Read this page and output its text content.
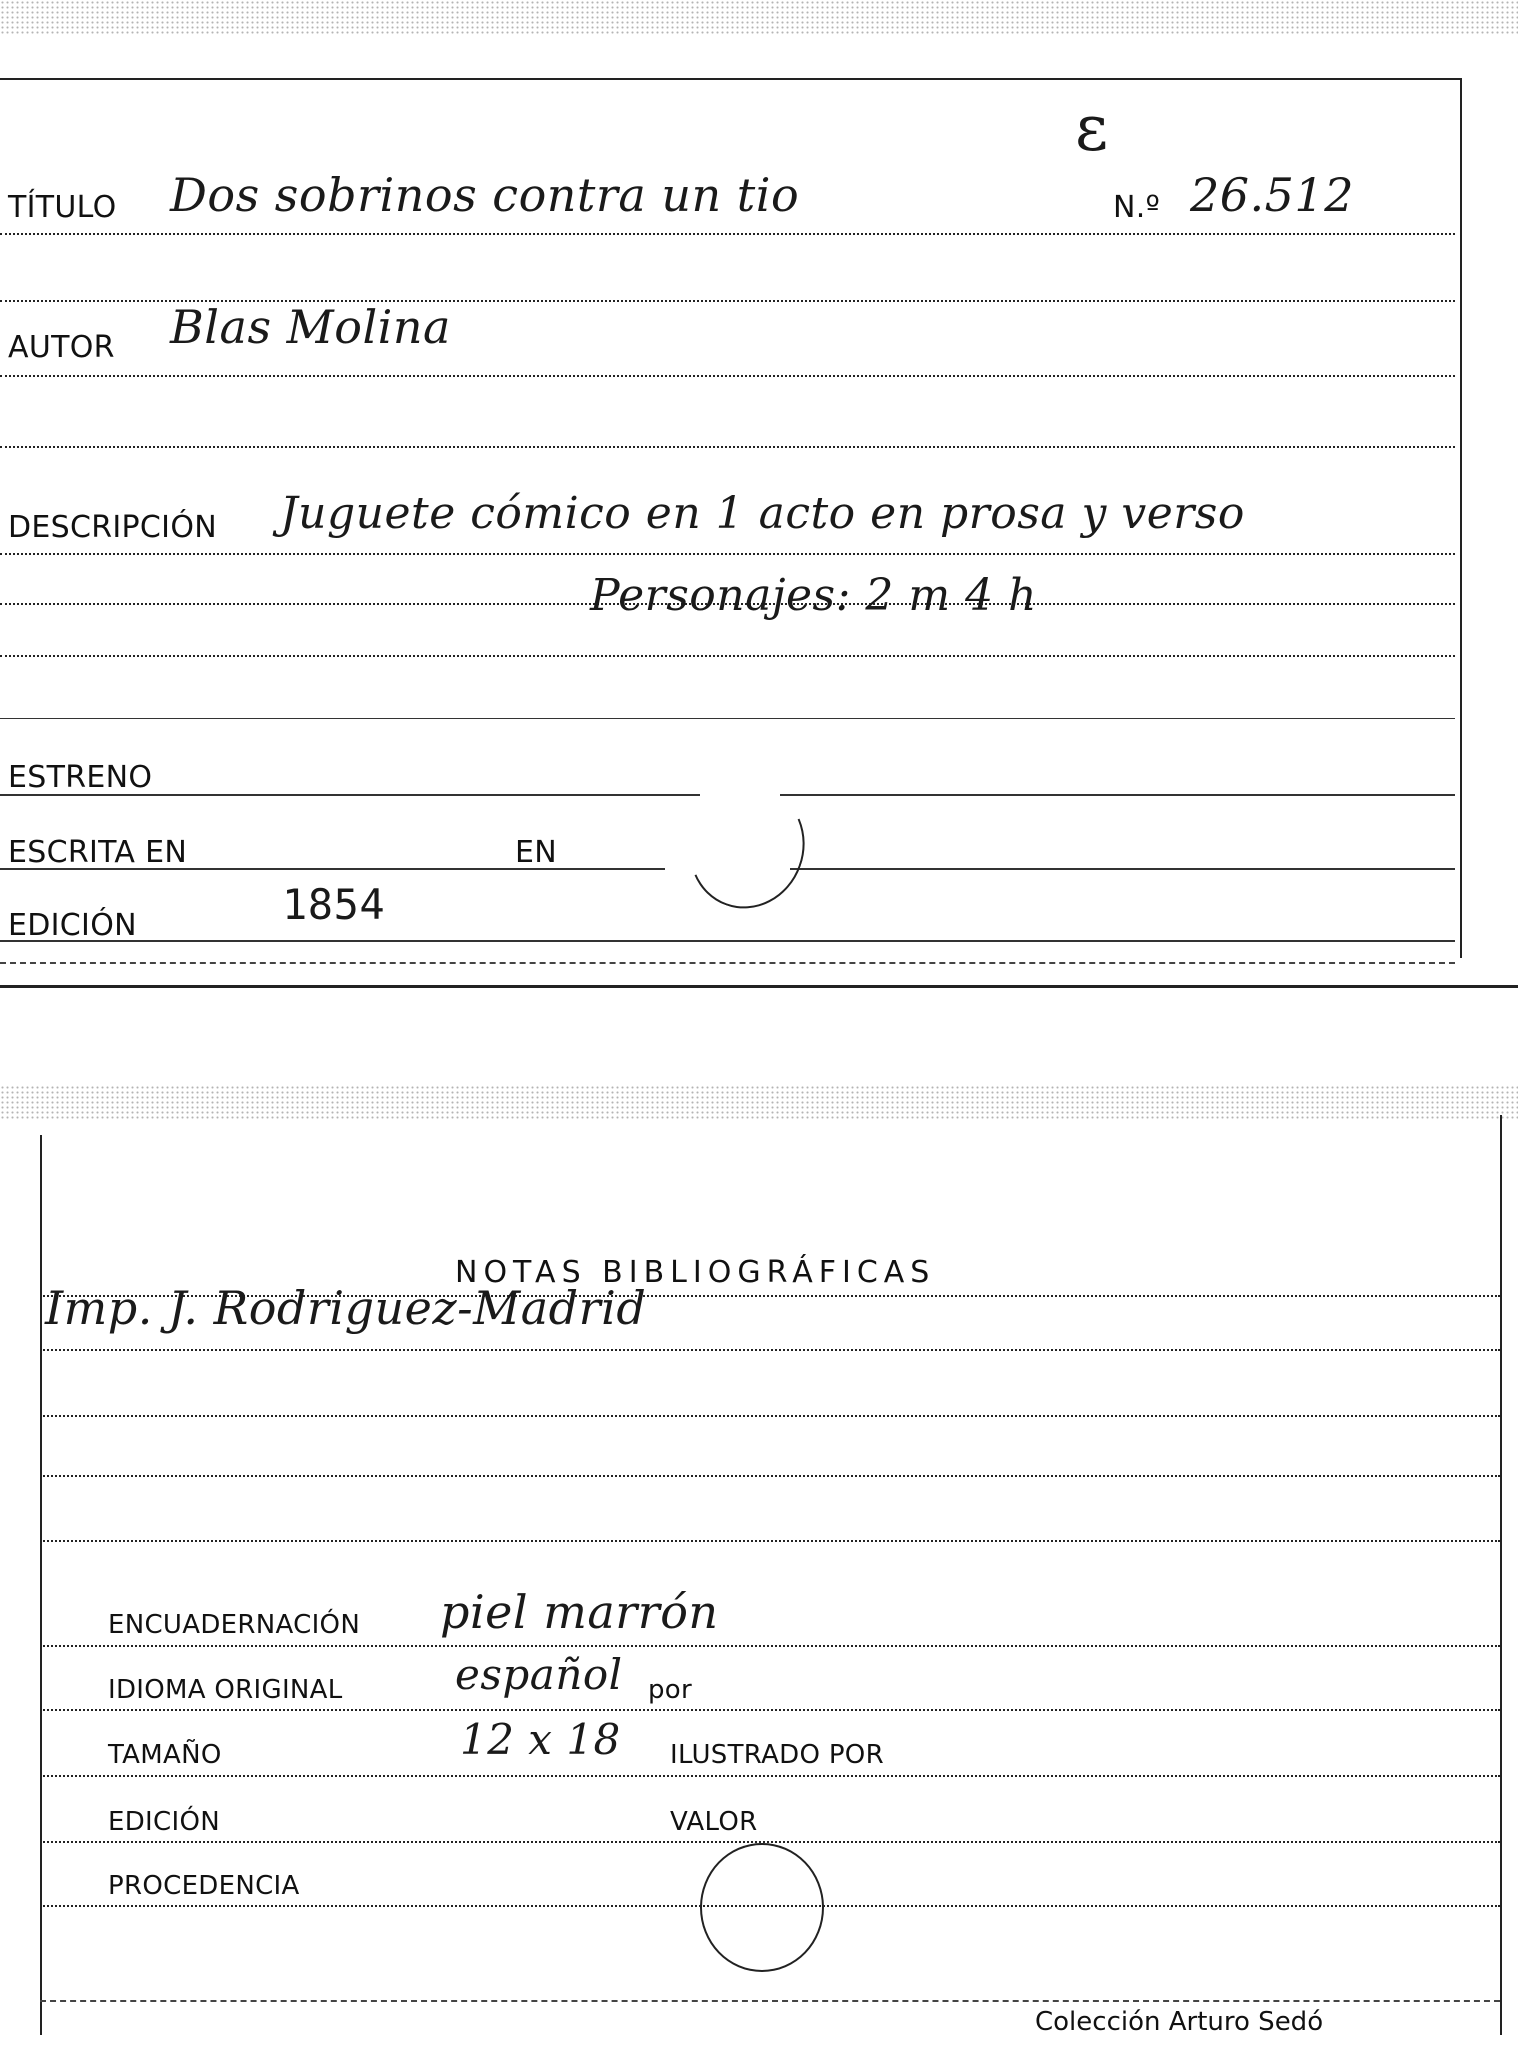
ε
TÍTULO Dos sobrinos contra un tio	N.º 26.512
AUTOR Blas Molina
DESCRIPCIÓN Juguete cómico en 1 acto en prosa y verso
Personajes: 2 m 4 h
ESTRENO
ESCRITA EN	EN
EDICIÓN	1854
NOTAS BIBLIOGRÁFICAS
Imp. J. Rodriguez-Madrid
ENCUADERNACIÓN piel marrón
IDIOMA ORIGINAL	español por
TAMAÑO	12 x 18 ILUSTRADO POR
EDICIÓN	VALOR
PROCEDENCIA
Colección Arturo Sedó
